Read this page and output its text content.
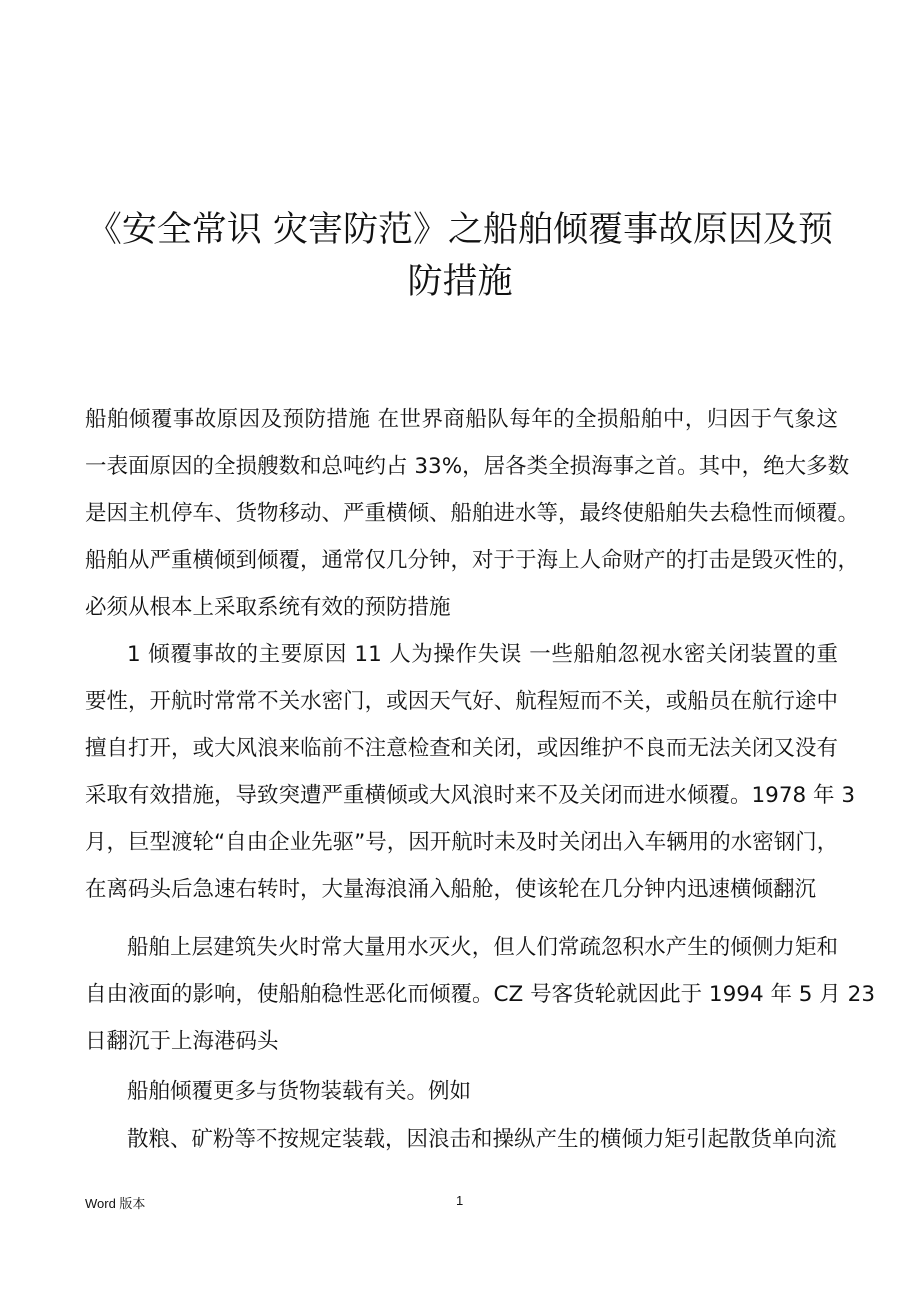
《安全常识 灾害防范》之船舶倾覆事故原因及预
防措施
船舶倾覆事故原因及预防措施 在世界商船队每年的全损船舶中，归因于气象这
一表面原因的全损艘数和总吨约占 33%，居各类全损海事之首。其中，绝大多数
是因主机停车、货物移动、严重横倾、船舶进水等，最终使船舶失去稳性而倾覆。
船舶从严重横倾到倾覆，通常仅几分钟，对于于海上人命财产的打击是毁灭性的，
必须从根本上采取系统有效的预防措施
1 倾覆事故的主要原因 11 人为操作失误 一些船舶忽视水密关闭装置的重
要性，开航时常常不关水密门，或因天气好、航程短而不关，或船员在航行途中
擅自打开，或大风浪来临前不注意检查和关闭，或因维护不良而无法关闭又没有
采取有效措施，导致突遭严重横倾或大风浪时来不及关闭而进水倾覆。1978 年 3
月，巨型渡轮“自由企业先驱”号，因开航时未及时关闭出入车辆用的水密钢门，
在离码头后急速右转时，大量海浪涌入船舱，使该轮在几分钟内迅速横倾翻沉
船舶上层建筑失火时常大量用水灭火，但人们常疏忽积水产生的倾侧力矩和
自由液面的影响，使船舶稳性恶化而倾覆。CZ 号客货轮就因此于 1994 年 5 月 23
日翻沉于上海港码头
船舶倾覆更多与货物装载有关。例如
散粮、矿粉等不按规定装载，因浪击和操纵产生的横倾力矩引起散货单向流
Word 版本	1
